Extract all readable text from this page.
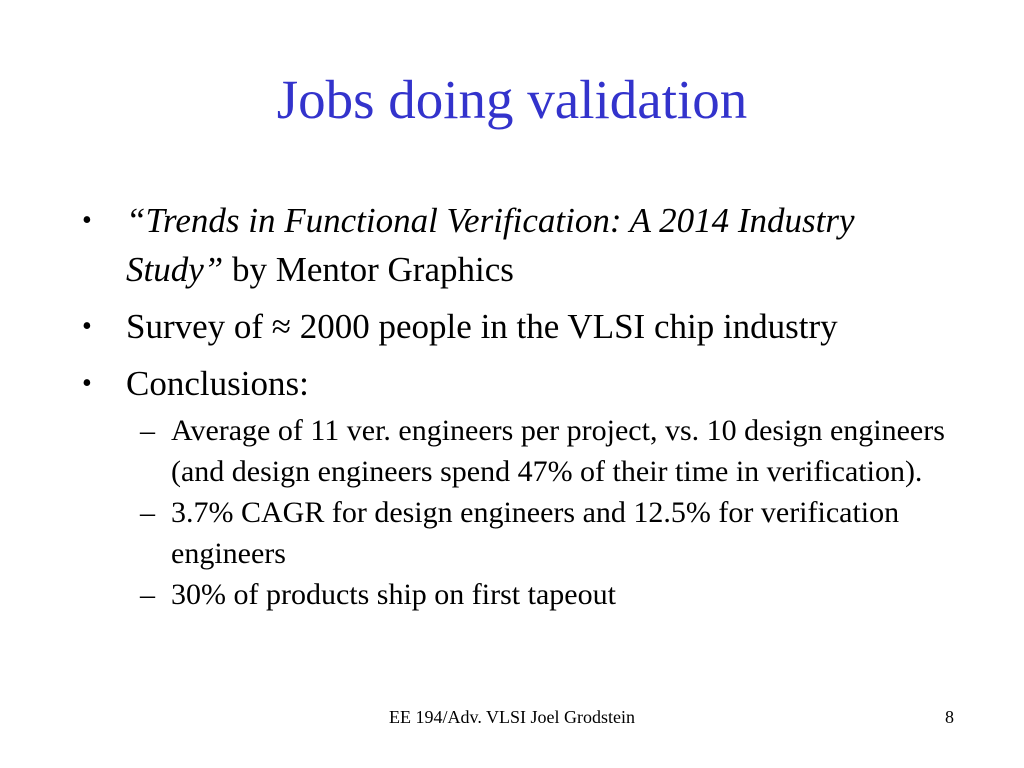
Jobs doing validation
• “Trends in Functional Verification: A 2014 Industry Study” by Mentor Graphics
• Survey of ≈ 2000 people in the VLSI chip industry
• Conclusions:
– Average of 11 ver. engineers per project, vs. 10 design engineers (and design engineers spend 47% of their time in verification).
– 3.7% CAGR for design engineers and 12.5% for verification engineers
– 30% of products ship on first tapeout
EE 194/Adv. VLSI Joel Grodstein	8
